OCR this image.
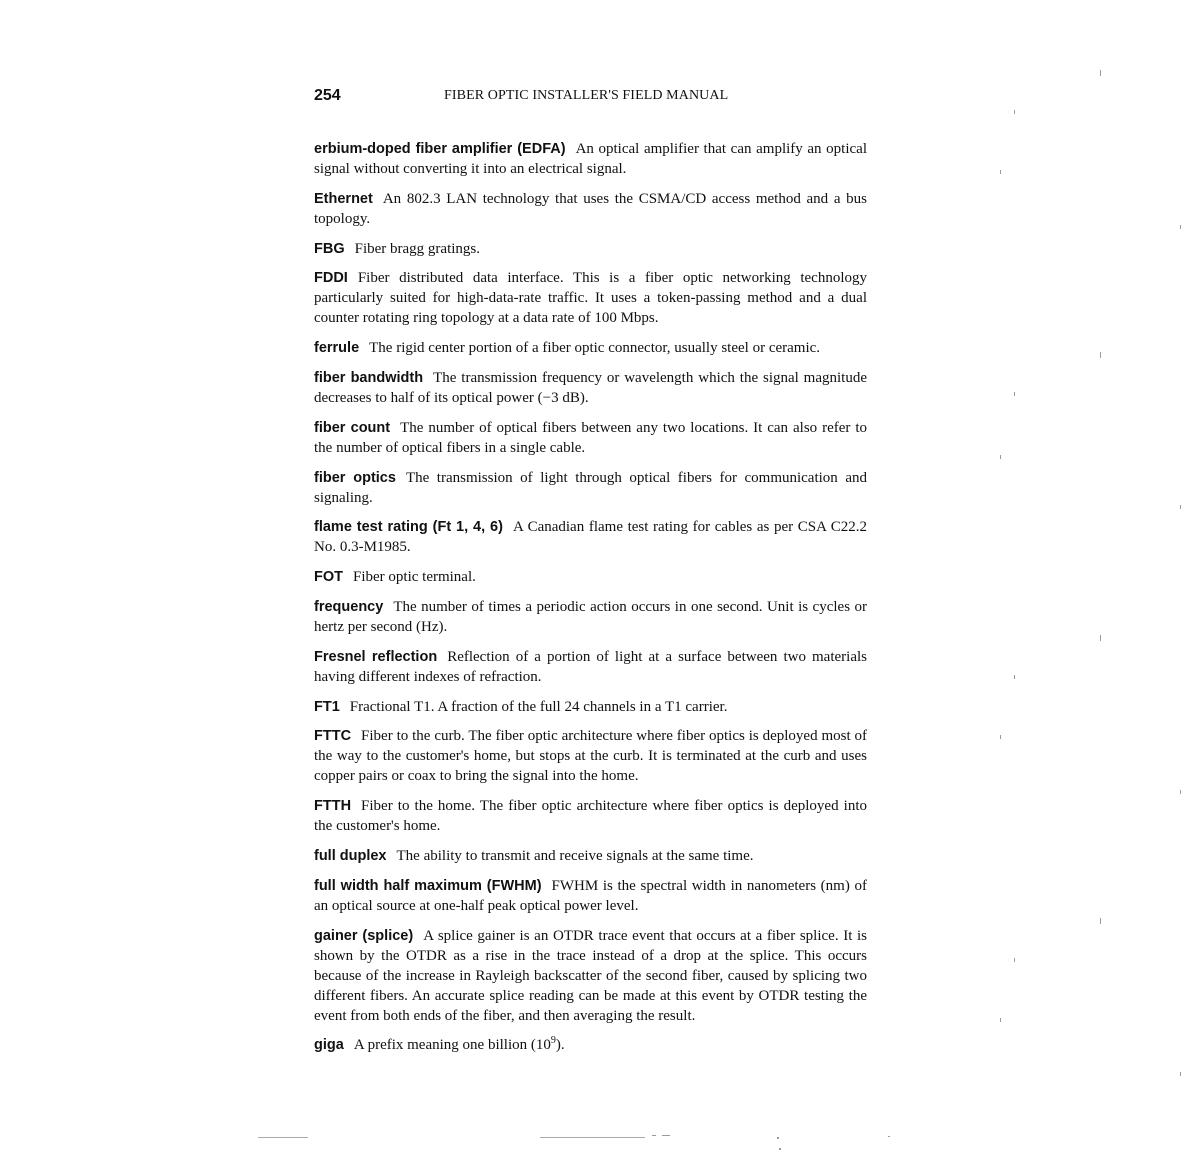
254	FIBER OPTIC INSTALLER'S FIELD MANUAL

erbium-doped fiber amplifier (EDFA) An optical amplifier that can amplify an optical signal without converting it into an electrical signal.

Ethernet An 802.3 LAN technology that uses the CSMA/CD access method and a bus topology.

FBG Fiber bragg gratings.

FDDI Fiber distributed data interface. This is a fiber optic networking technology particularly suited for high-data-rate traffic. It uses a token-passing method and a dual counter rotating ring topology at a data rate of 100 Mbps.

ferrule The rigid center portion of a fiber optic connector, usually steel or ceramic.

fiber bandwidth The transmission frequency or wavelength which the signal magnitude decreases to half of its optical power (−3 dB).

fiber count The number of optical fibers between any two locations. It can also refer to the number of optical fibers in a single cable.

fiber optics The transmission of light through optical fibers for communication and signaling.

flame test rating (Ft 1, 4, 6) A Canadian flame test rating for cables as per CSA C22.2 No. 0.3-M1985.

FOT Fiber optic terminal.

frequency The number of times a periodic action occurs in one second. Unit is cycles or hertz per second (Hz).

Fresnel reflection Reflection of a portion of light at a surface between two materials having different indexes of refraction.

FT1 Fractional T1. A fraction of the full 24 channels in a T1 carrier.

FTTC Fiber to the curb. The fiber optic architecture where fiber optics is deployed most of the way to the customer's home, but stops at the curb. It is terminated at the curb and uses copper pairs or coax to bring the signal into the home.

FTTH Fiber to the home. The fiber optic architecture where fiber optics is deployed into the customer's home.

full duplex The ability to transmit and receive signals at the same time.

full width half maximum (FWHM) FWHM is the spectral width in nanometers (nm) of an optical source at one-half peak optical power level.

gainer (splice) A splice gainer is an OTDR trace event that occurs at a fiber splice. It is shown by the OTDR as a rise in the trace instead of a drop at the splice. This occurs because of the increase in Rayleigh backscatter of the second fiber, caused by splicing two different fibers. An accurate splice reading can be made at this event by OTDR testing the event from both ends of the fiber, and then averaging the result.

giga A prefix meaning one billion $(10^9)$.
